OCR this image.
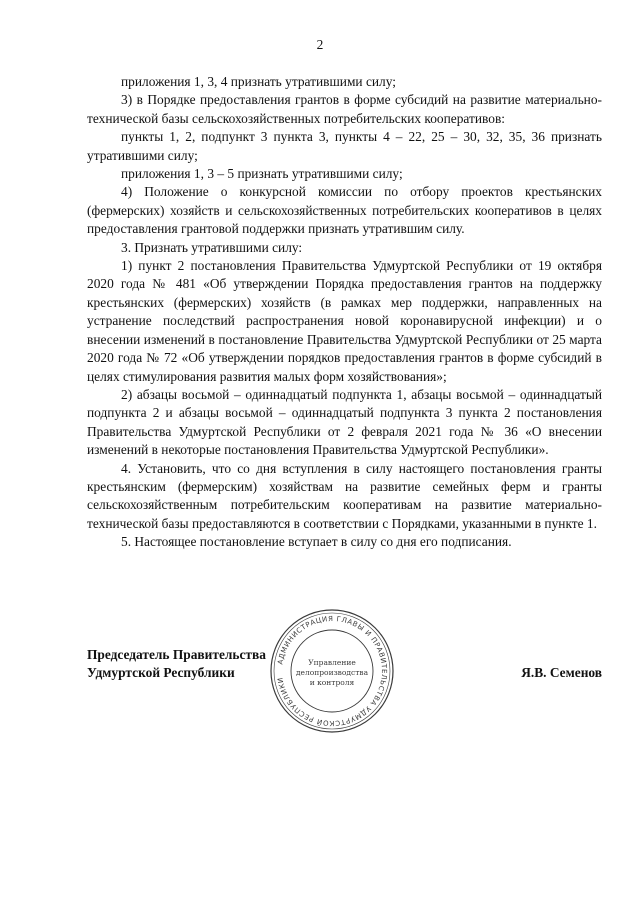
2

приложения 1, 3, 4 признать утратившими силу;

3) в Порядке предоставления грантов в форме субсидий на развитие материально-технической базы сельскохозяйственных потребительских кооперативов:

пункты 1, 2, подпункт 3 пункта 3, пункты 4 – 22, 25 – 30, 32, 35, 36 признать утратившими силу;

приложения 1, 3 – 5 признать утратившими силу;

4) Положение о конкурсной комиссии по отбору проектов крестьянских (фермерских) хозяйств и сельскохозяйственных потребительских кооперативов в целях предоставления грантовой поддержки признать утратившим силу.

3. Признать утратившими силу:

1) пункт 2 постановления Правительства Удмуртской Республики от 19 октября 2020 года № 481 «Об утверждении Порядка предоставления грантов на поддержку крестьянских (фермерских) хозяйств (в рамках мер поддержки, направленных на устранение последствий распространения новой коронавирусной инфекции) и о внесении изменений в постановление Правительства Удмуртской Республики от 25 марта 2020 года № 72 «Об утверждении порядков предоставления грантов в форме субсидий в целях стимулирования развития малых форм хозяйствования»;

2) абзацы восьмой – одиннадцатый подпункта 1, абзацы восьмой – одиннадцатый подпункта 2 и абзацы восьмой – одиннадцатый подпункта 3 пункта 2 постановления Правительства Удмуртской Республики от 2 февраля 2021 года № 36 «О внесении изменений в некоторые постановления Правительства Удмуртской Республики».

4. Установить, что со дня вступления в силу настоящего постановления гранты крестьянским (фермерским) хозяйствам на развитие семейных ферм и гранты сельскохозяйственным потребительским кооперативам на развитие материально-технической базы предоставляются в соответствии с Порядками, указанными в пункте 1.

5. Настоящее постановление вступает в силу со дня его подписания.

Председатель Правительства
Удмуртской Республики	Я.В. Семенов
АДМИНИСТРАЦИЯ ГЛАВЫ И ПРАВИТЕЛЬСТВА УДМУРТСКОЙ РЕСПУБЛИКИ
Управление
делопроизводства
и контроля
